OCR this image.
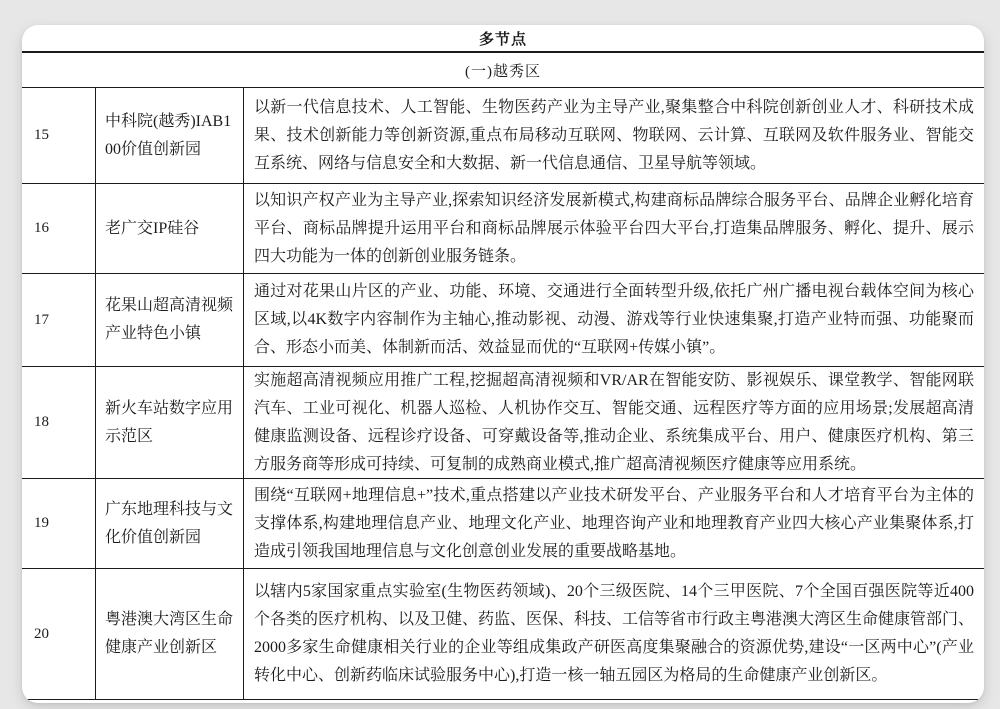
多节点
(一)越秀区
15
中科院(越秀)IAB100价值创新园
以新一代信息技术、人工智能、生物医药产业为主导产业,聚集整合中科院创新创业人才、科研技术成果、技术创新能力等创新资源,重点布局移动互联网、物联网、云计算、互联网及软件服务业、智能交互系统、网络与信息安全和大数据、新一代信息通信、卫星导航等领域。
16	老广交IP硅谷
以知识产权产业为主导产业,探索知识经济发展新模式,构建商标品牌综合服务平台、品牌企业孵化培育平台、商标品牌提升运用平台和商标品牌展示体验平台四大平台,打造集品牌服务、孵化、提升、展示四大功能为一体的创新创业服务链条。
17
花果山超高清视频产业特色小镇
通过对花果山片区的产业、功能、环境、交通进行全面转型升级,依托广州广播电视台载体空间为核心区域,以4K数字内容制作为主轴心,推动影视、动漫、游戏等行业快速集聚,打造产业特而强、功能聚而合、形态小而美、体制新而活、效益显而优的“互联网+传媒小镇”。
18
新火车站数字应用示范区
实施超高清视频应用推广工程,挖掘超高清视频和VR/AR在智能安防、影视娱乐、课堂教学、智能网联汽车、工业可视化、机器人巡检、人机协作交互、智能交通、远程医疗等方面的应用场景;发展超高清健康监测设备、远程诊疗设备、可穿戴设备等,推动企业、系统集成平台、用户、健康医疗机构、第三方服务商等形成可持续、可复制的成熟商业模式,推广超高清视频医疗健康等应用系统。
19
广东地理科技与文化价值创新园
围绕“互联网+地理信息+”技术,重点搭建以产业技术研发平台、产业服务平台和人才培育平台为主体的支撑体系,构建地理信息产业、地理文化产业、地理咨询产业和地理教育产业四大核心产业集聚体系,打造成引领我国地理信息与文化创意创业发展的重要战略基地。
20
粤港澳大湾区生命健康产业创新区
以辖内5家国家重点实验室(生物医药领域)、20个三级医院、14个三甲医院、7个全国百强医院等近400个各类的医疗机构、以及卫健、药监、医保、科技、工信等省市行政主粤港澳大湾区生命健康管部门、2000多家生命健康相关行业的企业等组成集政产研医高度集聚融合的资源优势,建设“一区两中心”(产业转化中心、创新药临床试验服务中心),打造一核一轴五园区为格局的生命健康产业创新区。
